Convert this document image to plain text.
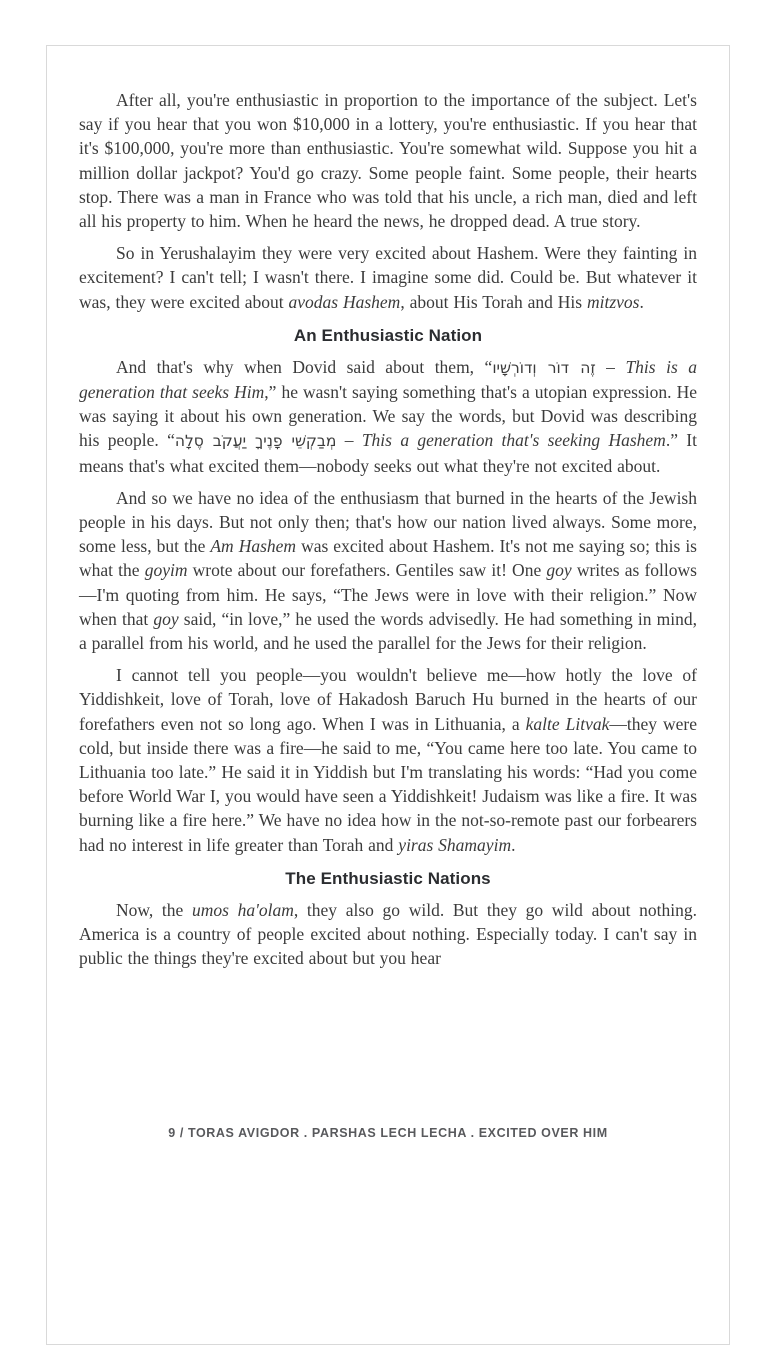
After all, you're enthusiastic in proportion to the importance of the subject. Let's say if you hear that you won $10,000 in a lottery, you're enthusiastic. If you hear that it's $100,000, you're more than enthusiastic. You're somewhat wild. Suppose you hit a million dollar jackpot? You'd go crazy. Some people faint. Some people, their hearts stop. There was a man in France who was told that his uncle, a rich man, died and left all his property to him. When he heard the news, he dropped dead. A true story.

So in Yerushalayim they were very excited about Hashem. Were they fainting in excitement? I can't tell; I wasn't there. I imagine some did. Could be. But whatever it was, they were excited about avodas Hashem, about His Torah and His mitzvos.

An Enthusiastic Nation

And that's why when Dovid said about them, “זֶה דוֹר וְדוֹרְשָׁיו – This is a generation that seeks Him,” he wasn't saying something that's a utopian expression. He was saying it about his own generation. We say the words, but Dovid was describing his people. “מְבַקְשֵׁי פָנֶיךָ יַעֲקֹב סֶלָה – This a generation that's seeking Hashem.” It means that's what excited them—nobody seeks out what they're not excited about.

And so we have no idea of the enthusiasm that burned in the hearts of the Jewish people in his days. But not only then; that's how our nation lived always. Some more, some less, but the Am Hashem was excited about Hashem. It's not me saying so; this is what the goyim wrote about our forefathers. Gentiles saw it! One goy writes as follows—I'm quoting from him. He says, “The Jews were in love with their religion.” Now when that goy said, “in love,” he used the words advisedly. He had something in mind, a parallel from his world, and he used the parallel for the Jews for their religion.

I cannot tell you people—you wouldn't believe me—how hotly the love of Yiddishkeit, love of Torah, love of Hakadosh Baruch Hu burned in the hearts of our forefathers even not so long ago. When I was in Lithuania, a kalte Litvak—they were cold, but inside there was a fire—he said to me, “You came here too late. You came to Lithuania too late.” He said it in Yiddish but I'm translating his words: “Had you come before World War I, you would have seen a Yiddishkeit! Judaism was like a fire. It was burning like a fire here.” We have no idea how in the not-so-remote past our forbearers had no interest in life greater than Torah and yiras Shamayim.

The Enthusiastic Nations

Now, the umos ha'olam, they also go wild. But they go wild about nothing. America is a country of people excited about nothing. Especially today. I can't say in public the things they're excited about but you hear

9 / TORAS AVIGDOR . PARSHAS LECH LECHA . EXCITED OVER HIM
